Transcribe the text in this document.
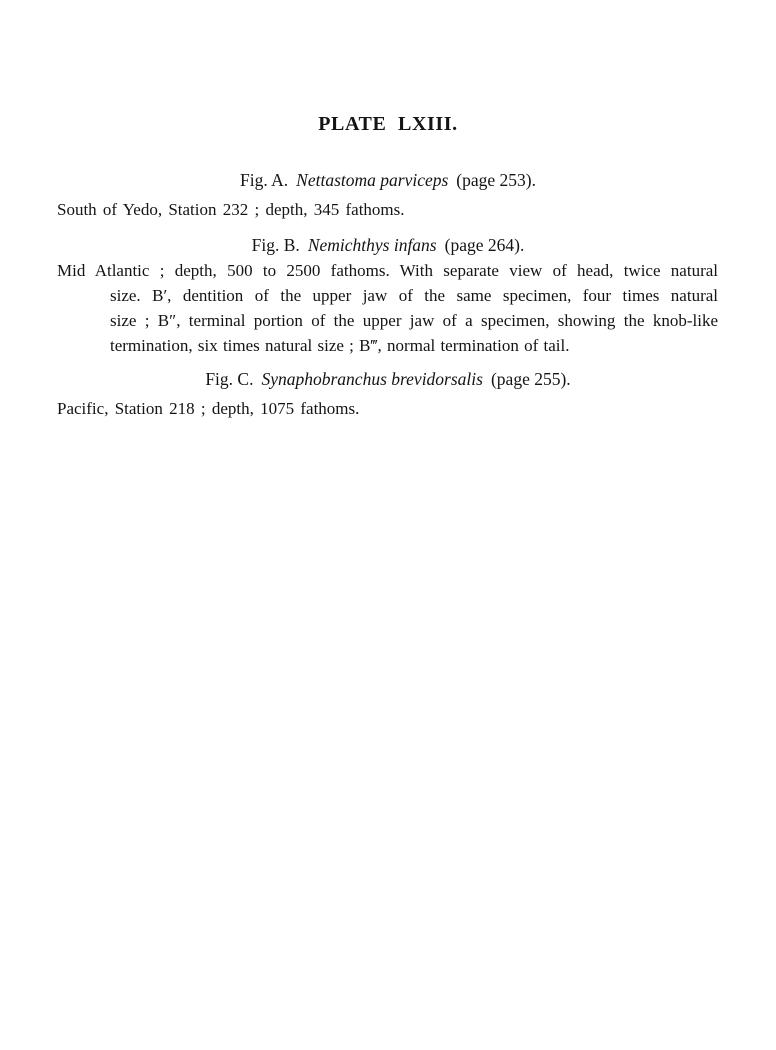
PLATE LXIII.
Fig. A. Nettastoma parviceps (page 253).

South of Yedo, Station 232 ; depth, 345 fathoms.

Fig. B. Nemichthys infans (page 264).

Mid Atlantic ; depth, 500 to 2500 fathoms. With separate view of head, twice natural

size. B′, dentition of the upper jaw of the same specimen, four times natural

size ; B″, terminal portion of the upper jaw of a specimen, showing the knob-like

termination, six times natural size ; B‴, normal termination of tail.

Fig. C. Synaphobranchus brevidorsalis (page 255).

Pacific, Station 218 ; depth, 1075 fathoms.
